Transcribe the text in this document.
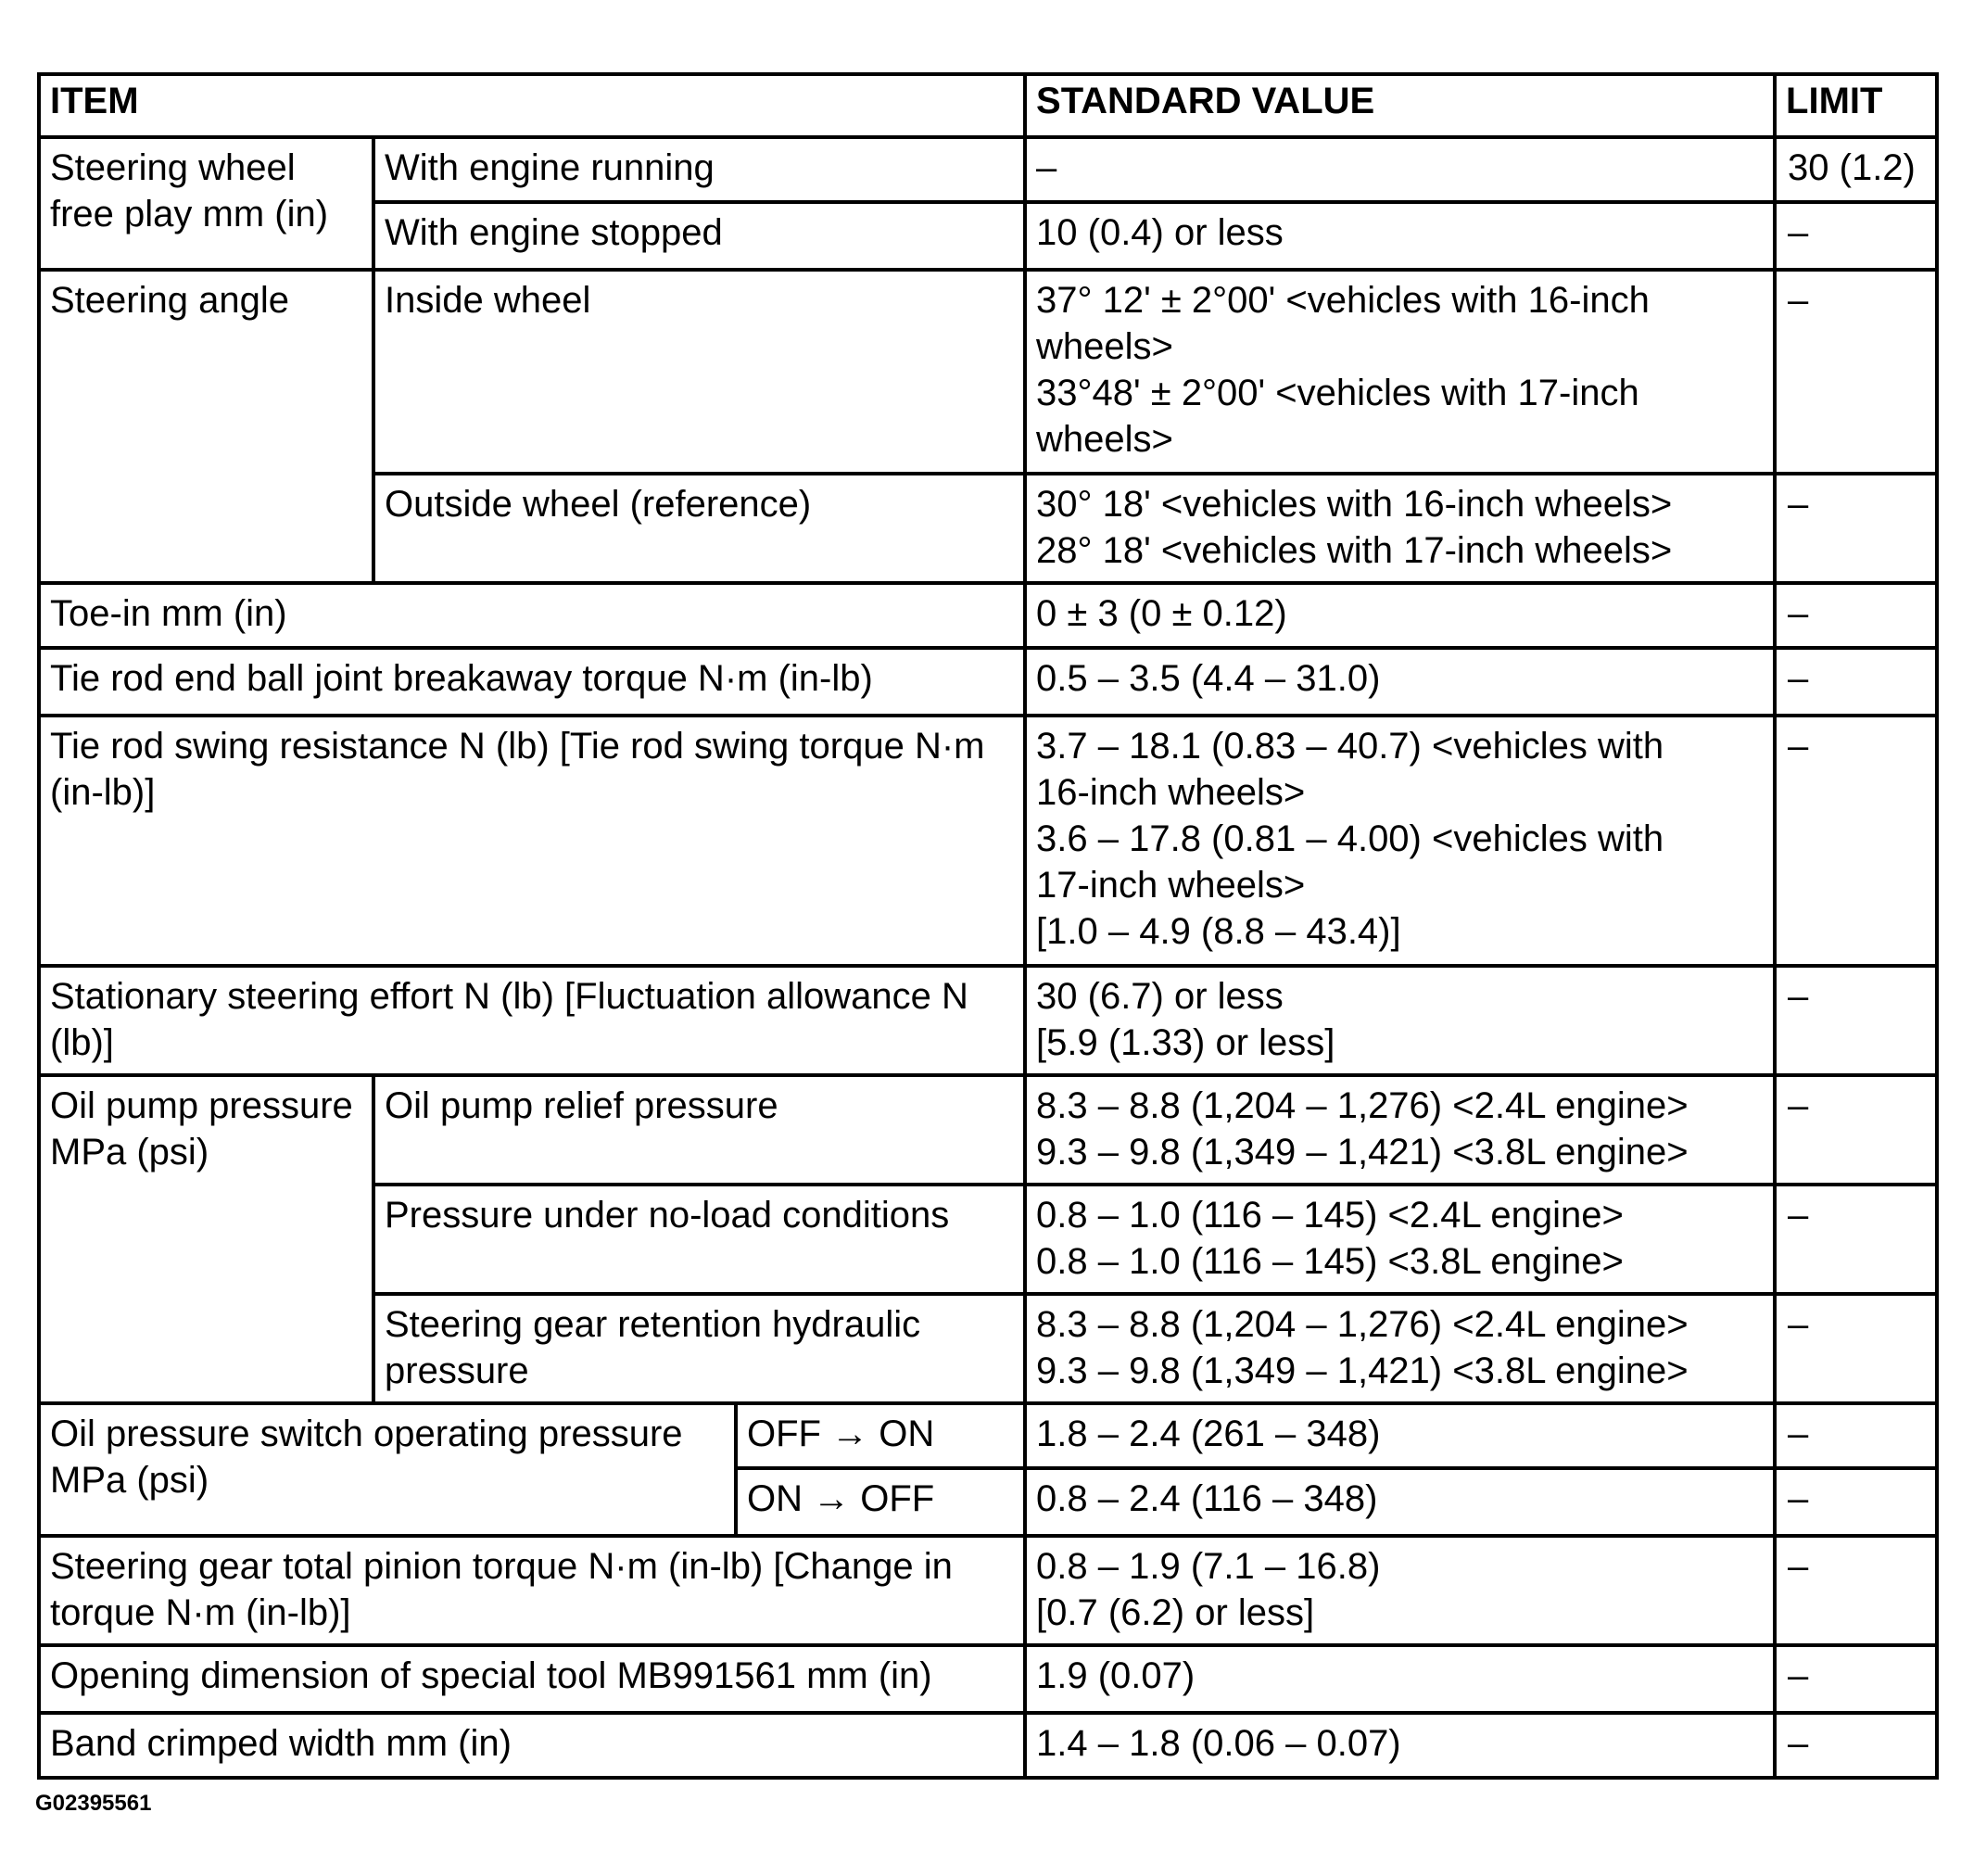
ITEM			STANDARD VALUE	LIMIT
Steering wheel free play mm (in)	With engine running		–	30 (1.2)
	With engine stopped		10 (0.4) or less	–
Steering angle	Inside wheel		37° 12' ± 2°00' <vehicles with 16-inch
wheels>
33°48' ± 2°00' <vehicles with 17-inch
wheels>	–
	Outside wheel (reference)		30° 18' <vehicles with 16-inch wheels>
28° 18' <vehicles with 17-inch wheels>	–
Toe-in mm (in)			0 ± 3 (0 ± 0.12)	–
Tie rod end ball joint breakaway torque N·m (in-lb)			0.5 – 3.5 (4.4 – 31.0)	–
Tie rod swing resistance N (lb) [Tie rod swing torque N·m (in-lb)]			3.7 – 18.1 (0.83 – 40.7) <vehicles with
16-inch wheels>
3.6 – 17.8 (0.81 – 4.00) <vehicles with
17-inch wheels>
[1.0 – 4.9 (8.8 – 43.4)]	–
Stationary steering effort N (lb) [Fluctuation allowance N (lb)]			30 (6.7) or less
[5.9 (1.33) or less]	–
Oil pump pressure MPa (psi)	Oil pump relief pressure		8.3 – 8.8 (1,204 – 1,276) <2.4L engine>
9.3 – 9.8 (1,349 – 1,421) <3.8L engine>	–
	Pressure under no-load conditions		0.8 – 1.0 (116 – 145) <2.4L engine>
0.8 – 1.0 (116 – 145) <3.8L engine>	–
	Steering gear retention hydraulic pressure		8.3 – 8.8 (1,204 – 1,276) <2.4L engine>
9.3 – 9.8 (1,349 – 1,421) <3.8L engine>	–
Oil pressure switch operating pressure MPa (psi)		OFF → ON	1.8 – 2.4 (261 – 348)	–
		ON → OFF	0.8 – 2.4 (116 – 348)	–
Steering gear total pinion torque N·m (in-lb) [Change in torque N·m (in-lb)]			0.8 – 1.9 (7.1 – 16.8)
[0.7 (6.2) or less]	–
Opening dimension of special tool MB991561 mm (in)			1.9 (0.07)	–
Band crimped width mm (in)			1.4 – 1.8 (0.06 – 0.07)	–
G02395561
